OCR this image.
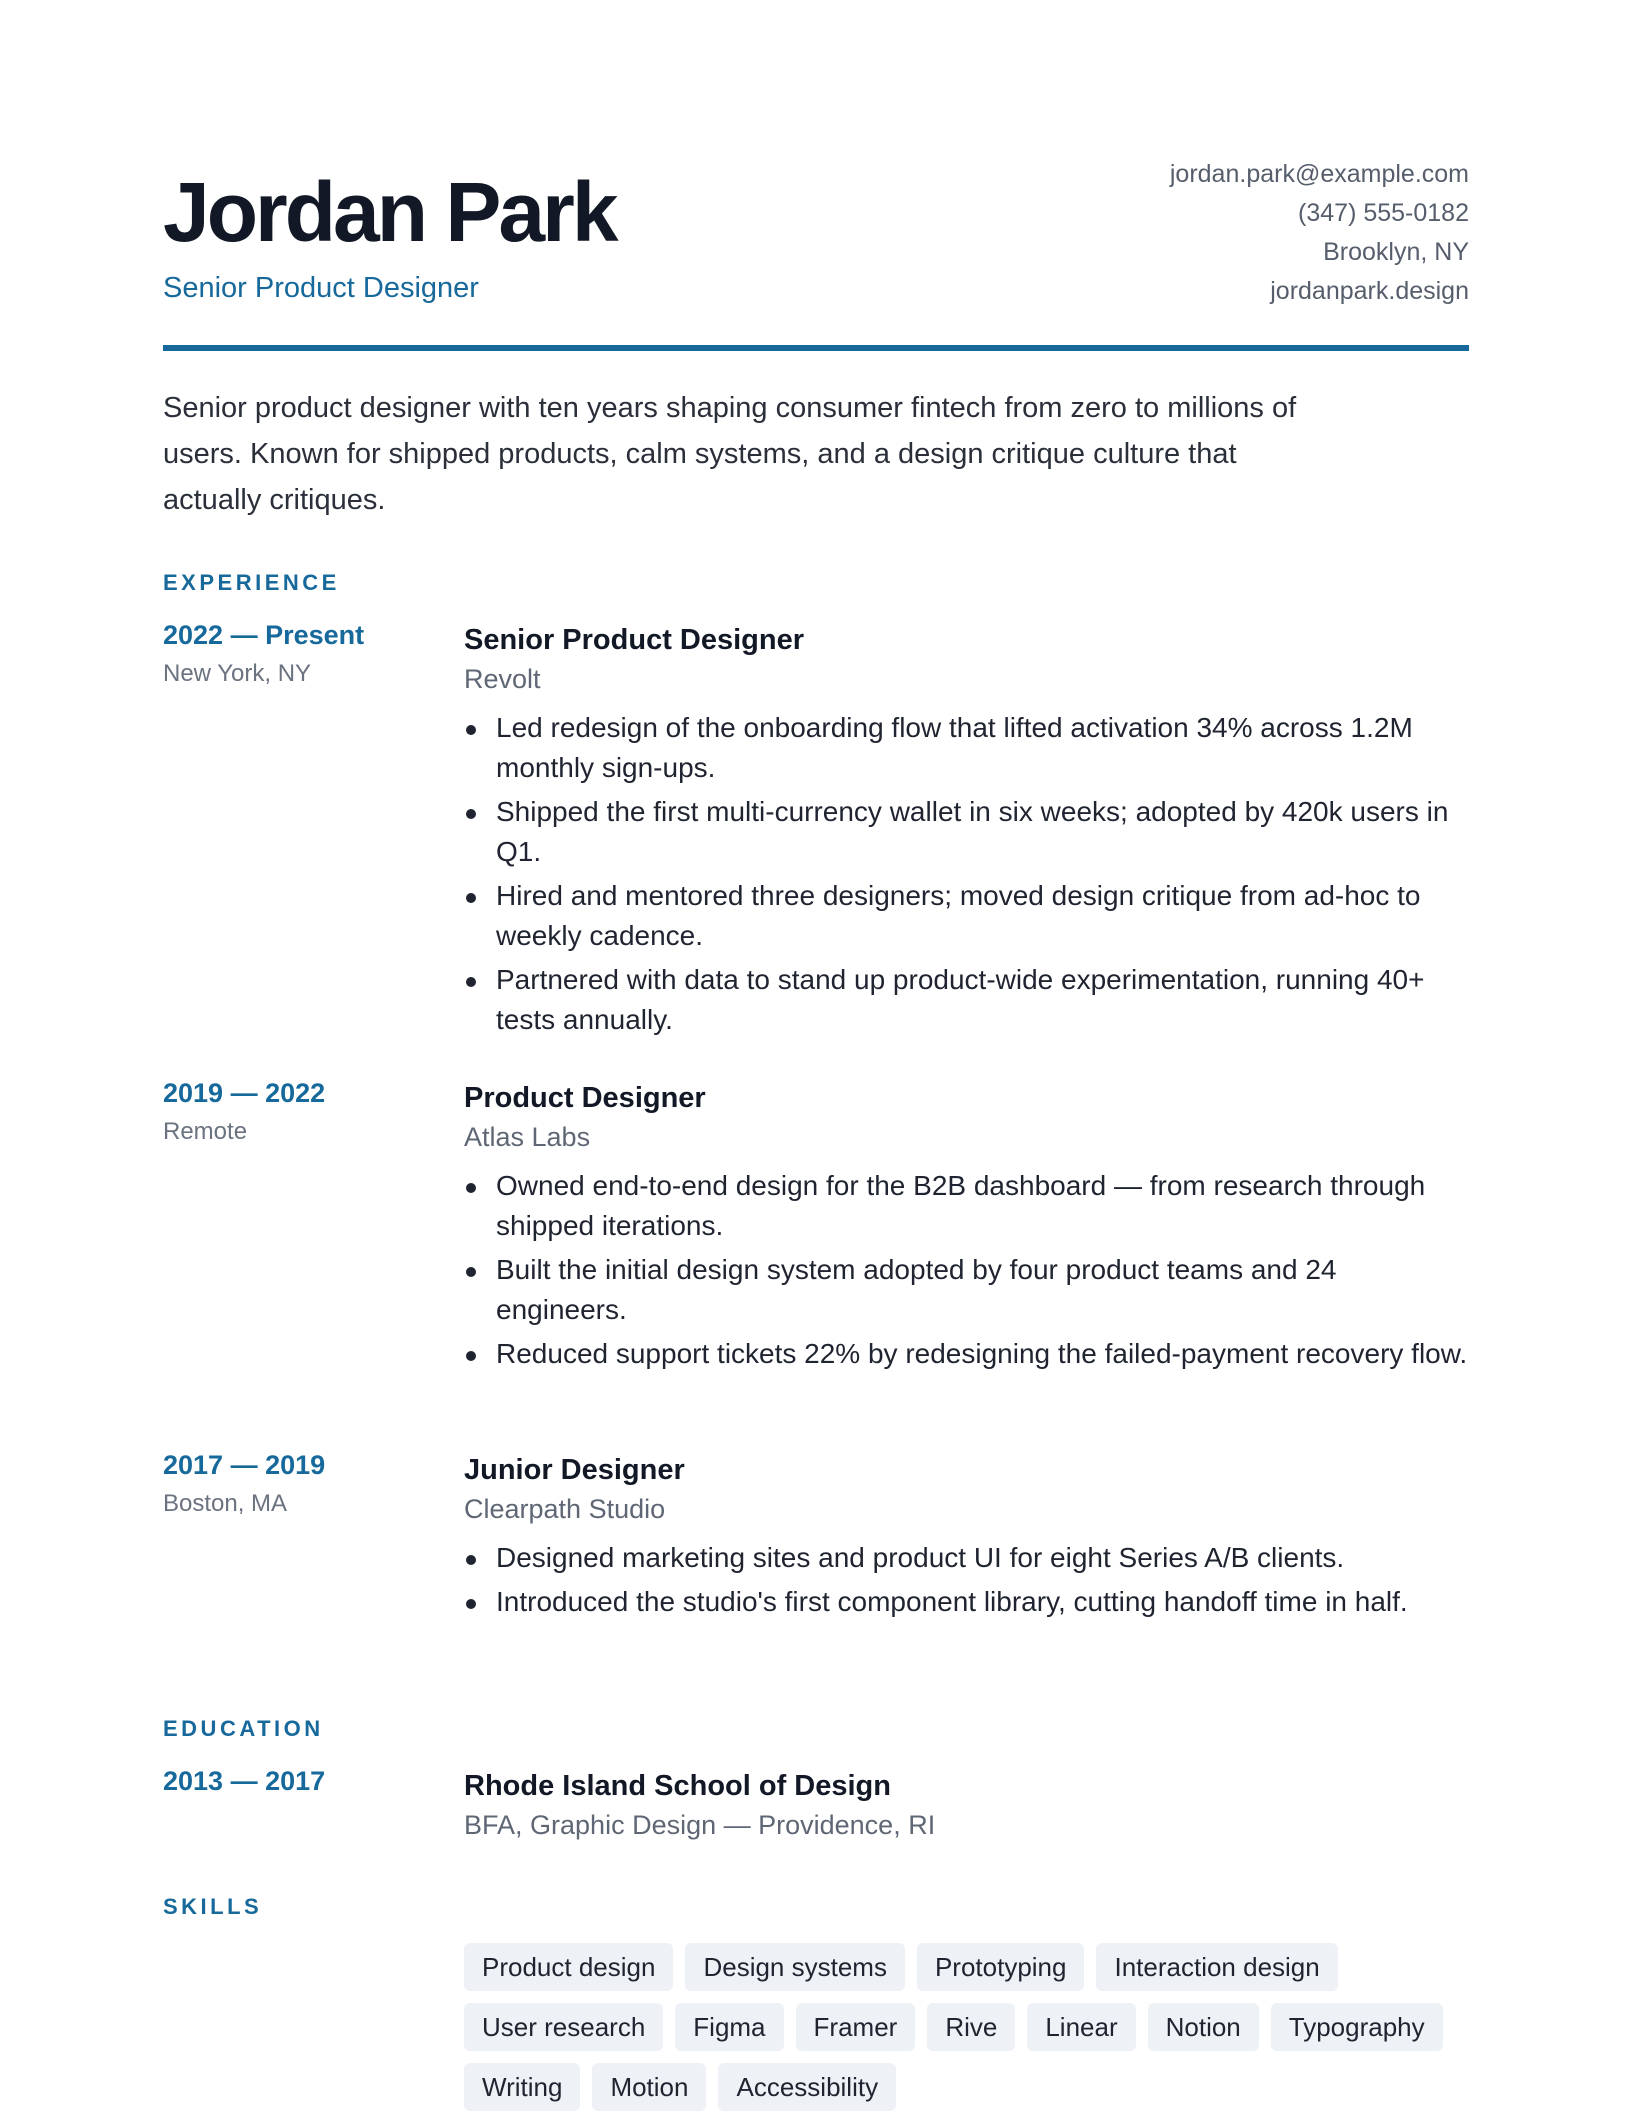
Jordan Park
Senior Product Designer
jordan.park@example.com
(347) 555-0182
Brooklyn, NY
jordanpark.design

Senior product designer with ten years shaping consumer fintech from zero to millions of users. Known for shipped products, calm systems, and a design critique culture that actually critiques.

EXPERIENCE
2022 — Present
New York, NY
Senior Product Designer
Revolt
Led redesign of the onboarding flow that lifted activation 34% across 1.2M monthly sign-ups.
Shipped the first multi-currency wallet in six weeks; adopted by 420k users in Q1.
Hired and mentored three designers; moved design critique from ad-hoc to weekly cadence.
Partnered with data to stand up product-wide experimentation, running 40+ tests annually.
2019 — 2022
Remote
Product Designer
Atlas Labs
Owned end-to-end design for the B2B dashboard — from research through shipped iterations.
Built the initial design system adopted by four product teams and 24 engineers.
Reduced support tickets 22% by redesigning the failed-payment recovery flow.
2017 — 2019
Boston, MA
Junior Designer
Clearpath Studio
Designed marketing sites and product UI for eight Series A/B clients.
Introduced the studio's first component library, cutting handoff time in half.
EDUCATION
2013 — 2017	Rhode Island School of Design
BFA, Graphic Design — Providence, RI
SKILLS
Product design	Design systems	Prototyping	Interaction design
User research	Figma	Framer	Rive	Linear	Notion	Typography
Writing	Motion	Accessibility
